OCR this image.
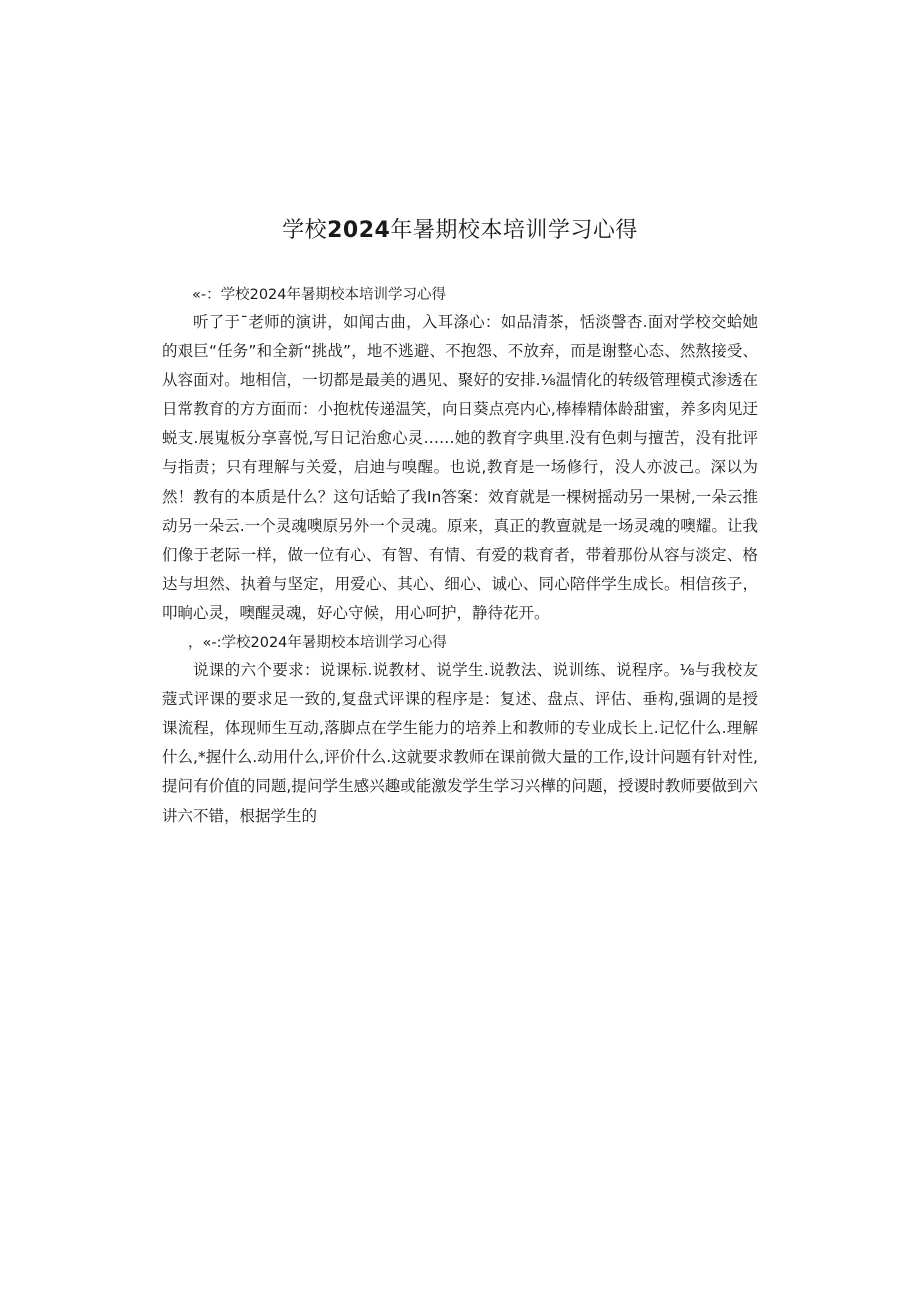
学校2024年暑期校本培训学习心得

«-：学校2024年暑期校本培训学习心得

听了于¯老师的演讲，如闻古曲，入耳涤心：如品清茶，恬淡謦杏.面对学校交蛤她的艰巨“任务”和全新“挑战”，地不逃避、不抱怨、不放弃，而是谢整心态、然熬接受、从容面对。地相信，一切都是最美的遇见、聚好的安排.⅛温情化的转级管理模式渗透在日常教育的方方面而：小抱枕传递温笑，向日葵点亮内心,棒棒精体龄甜蜜，养多肉见迂蜕支.展嵬板分享喜悦,写日记治愈心灵……她的教育字典里.没有色刺与擅苦，没有批评与指责；只有理解与关爱，启迪与嗅醒。也说,教育是一场修行，没人亦波己。深以为然！教有的本质是什么？这句话蛤了我In答案：效育就是一棵树摇动另一果树,一朵云推动另一朵云.一个灵魂噢原另外一个灵魂。原来，真正的教亶就是一场灵魂的噢耀。让我们像于老际一样，做一位有心、有智、有情、有爱的栽育者，带着那份从容与淡定、格达与坦然、执着与坚定，用爱心、其心、细心、诚心、同心陪伴学生成长。相信孩子，叩晌心灵，噢醒灵魂，好心守候，用心呵护，静待花开。

，«-:学校2024年暑期校本培训学习心得

说课的六个要求：说课标.说教材、说学生.说教法、说训练、说程序。⅛与我校友蔻式评课的要求足一致的,复盘式评课的程序是：复述、盘点、评估、垂构,强调的是授课流程，体现师生互动,落脚点在学生能力的培养上和教师的专业成长上.记忆什么.理解什么,*握什么.动用什么,评价什么.这就要求教师在课前微大量的工作,设计问题有针对性,提问有价值的同题,提问学生感兴趣或能激发学生学习兴樺的问题，授谡时教师要做到六讲六不错，根据学生的
